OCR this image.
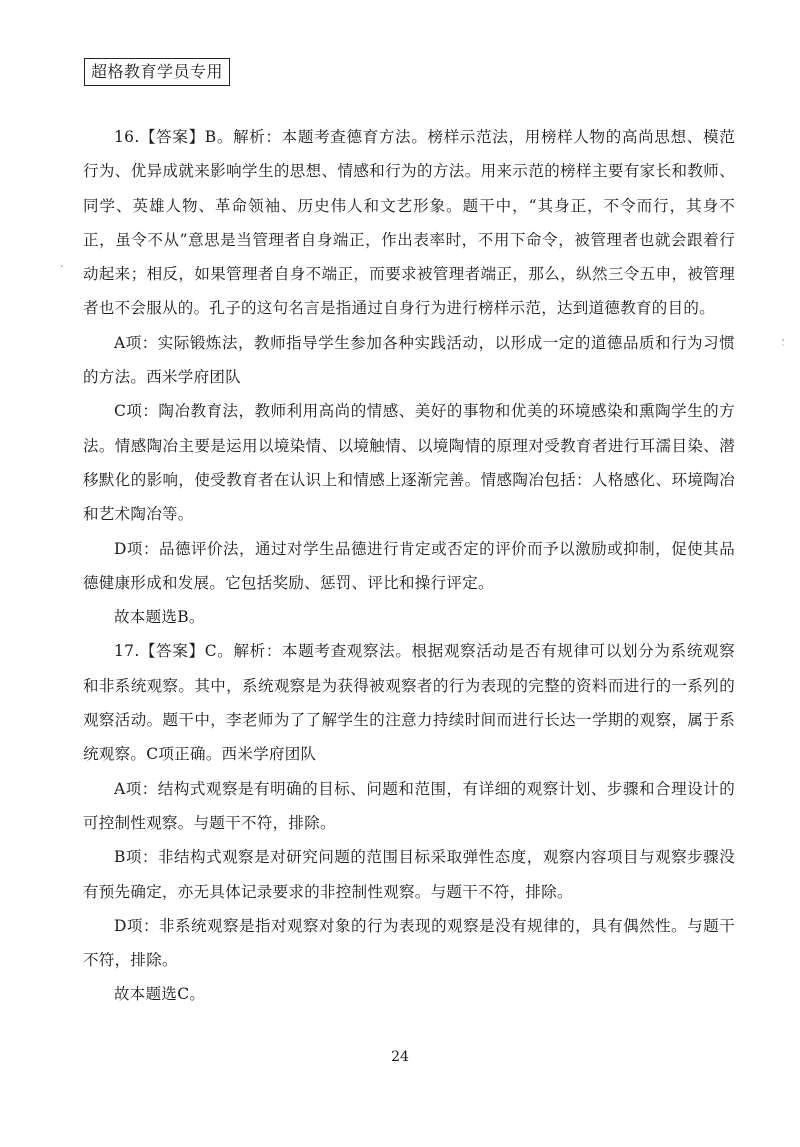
超格教育学员专用

16.【答案】B。解析：本题考查德育方法。榜样示范法，用榜样人物的高尚思想、模范行为、优异成就来影响学生的思想、情感和行为的方法。用来示范的榜样主要有家长和教师、同学、英雄人物、革命领袖、历史伟人和文艺形象。题干中，“其身正，不令而行，其身不正，虽令不从”意思是当管理者自身端正，作出表率时，不用下命令，被管理者也就会跟着行动起来；相反，如果管理者自身不端正，而要求被管理者端正，那么，纵然三令五申，被管理者也不会服从的。孔子的这句名言是指通过自身行为进行榜样示范，达到道德教育的目的。

A项：实际锻炼法，教师指导学生参加各种实践活动，以形成一定的道德品质和行为习惯的方法。西米学府团队

C项：陶冶教育法，教师利用高尚的情感、美好的事物和优美的环境感染和熏陶学生的方法。情感陶冶主要是运用以境染情、以境触情、以境陶情的原理对受教育者进行耳濡目染、潜移默化的影响，使受教育者在认识上和情感上逐渐完善。情感陶冶包括：人格感化、环境陶冶和艺术陶冶等。

D项：品德评价法，通过对学生品德进行肯定或否定的评价而予以激励或抑制，促使其品德健康形成和发展。它包括奖励、惩罚、评比和操行评定。

故本题选B。

17.【答案】C。解析：本题考查观察法。根据观察活动是否有规律可以划分为系统观察和非系统观察。其中，系统观察是为获得被观察者的行为表现的完整的资料而进行的一系列的观察活动。题干中，李老师为了了解学生的注意力持续时间而进行长达一学期的观察，属于系统观察。C项正确。西米学府团队

A项：结构式观察是有明确的目标、问题和范围，有详细的观察计划、步骤和合理设计的可控制性观察。与题干不符，排除。

B项：非结构式观察是对研究问题的范围目标采取弹性态度，观察内容项目与观察步骤没有预先确定，亦无具体记录要求的非控制性观察。与题干不符，排除。

D项：非系统观察是指对观察对象的行为表现的观察是没有规律的，具有偶然性。与题干不符，排除。

故本题选C。

24
